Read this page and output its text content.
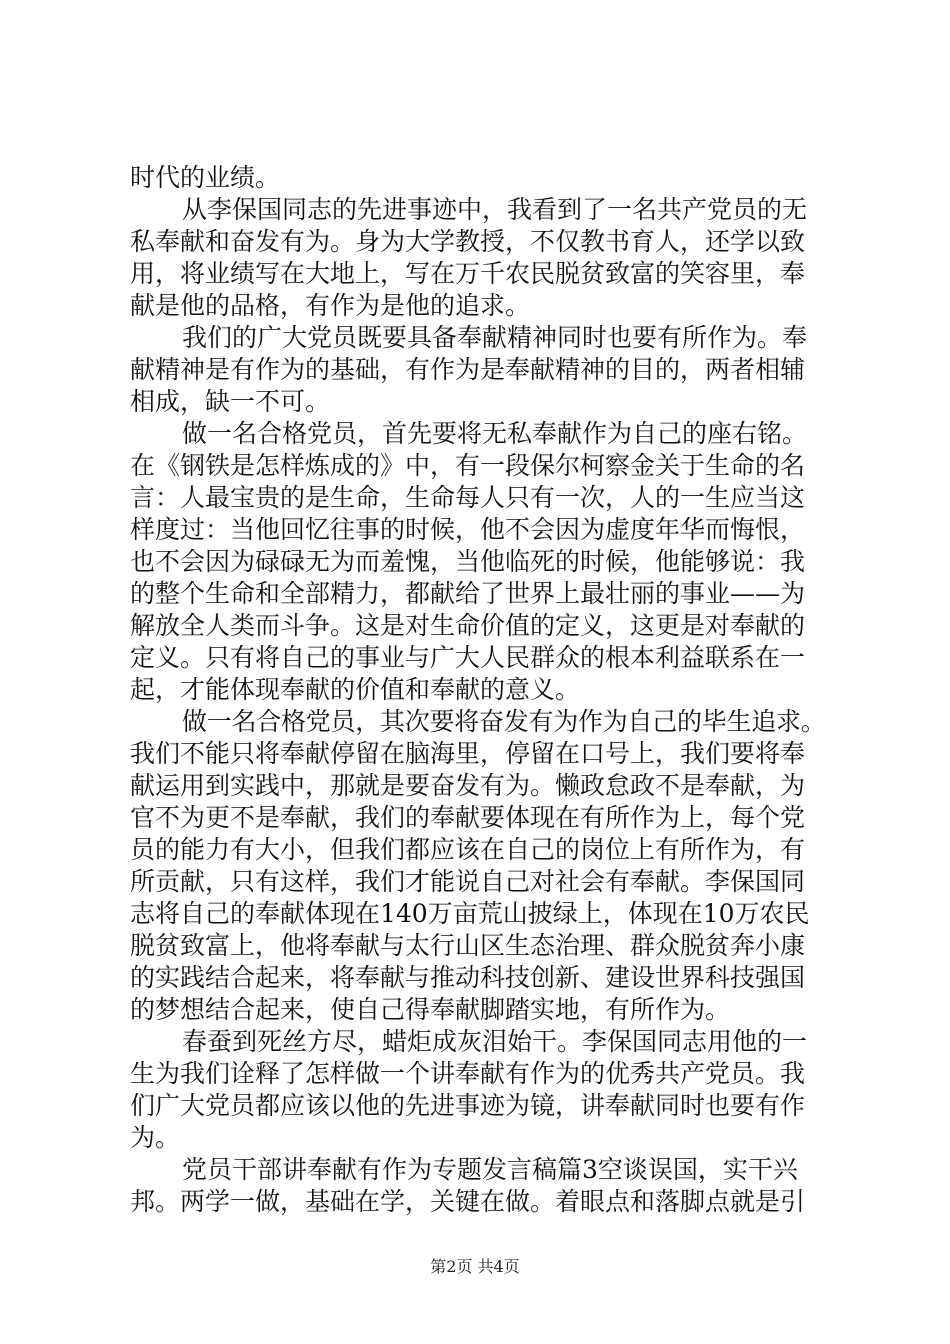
时代的业绩。
从李保国同志的先进事迹中，我看到了一名共产党员的无
私奉献和奋发有为。身为大学教授，不仅教书育人，还学以致
用，将业绩写在大地上，写在万千农民脱贫致富的笑容里，奉
献是他的品格，有作为是他的追求。
我们的广大党员既要具备奉献精神同时也要有所作为。奉
献精神是有作为的基础，有作为是奉献精神的目的，两者相辅
相成，缺一不可。
做一名合格党员，首先要将无私奉献作为自己的座右铭。
在《钢铁是怎样炼成的》中，有一段保尔柯察金关于生命的名
言：人最宝贵的是生命，生命每人只有一次，人的一生应当这
样度过：当他回忆往事的时候，他不会因为虚度年华而悔恨，
也不会因为碌碌无为而羞愧，当他临死的时候，他能够说：我
的整个生命和全部精力，都献给了世界上最壮丽的事业——为
解放全人类而斗争。这是对生命价值的定义，这更是对奉献的
定义。只有将自己的事业与广大人民群众的根本利益联系在一
起，才能体现奉献的价值和奉献的意义。
做一名合格党员，其次要将奋发有为作为自己的毕生追求。
我们不能只将奉献停留在脑海里，停留在口号上，我们要将奉
献运用到实践中，那就是要奋发有为。懒政怠政不是奉献，为
官不为更不是奉献，我们的奉献要体现在有所作为上，每个党
员的能力有大小，但我们都应该在自己的岗位上有所作为，有
所贡献，只有这样，我们才能说自己对社会有奉献。李保国同
志将自己的奉献体现在140万亩荒山披绿上，体现在10万农民
脱贫致富上，他将奉献与太行山区生态治理、群众脱贫奔小康
的实践结合起来，将奉献与推动科技创新、建设世界科技强国
的梦想结合起来，使自己得奉献脚踏实地，有所作为。
春蚕到死丝方尽，蜡炬成灰泪始干。李保国同志用他的一
生为我们诠释了怎样做一个讲奉献有作为的优秀共产党员。我
们广大党员都应该以他的先进事迹为镜，讲奉献同时也要有作
为。
党员干部讲奉献有作为专题发言稿篇3空谈误国，实干兴
邦。两学一做，基础在学，关键在做。着眼点和落脚点就是引
第2页 共4页
